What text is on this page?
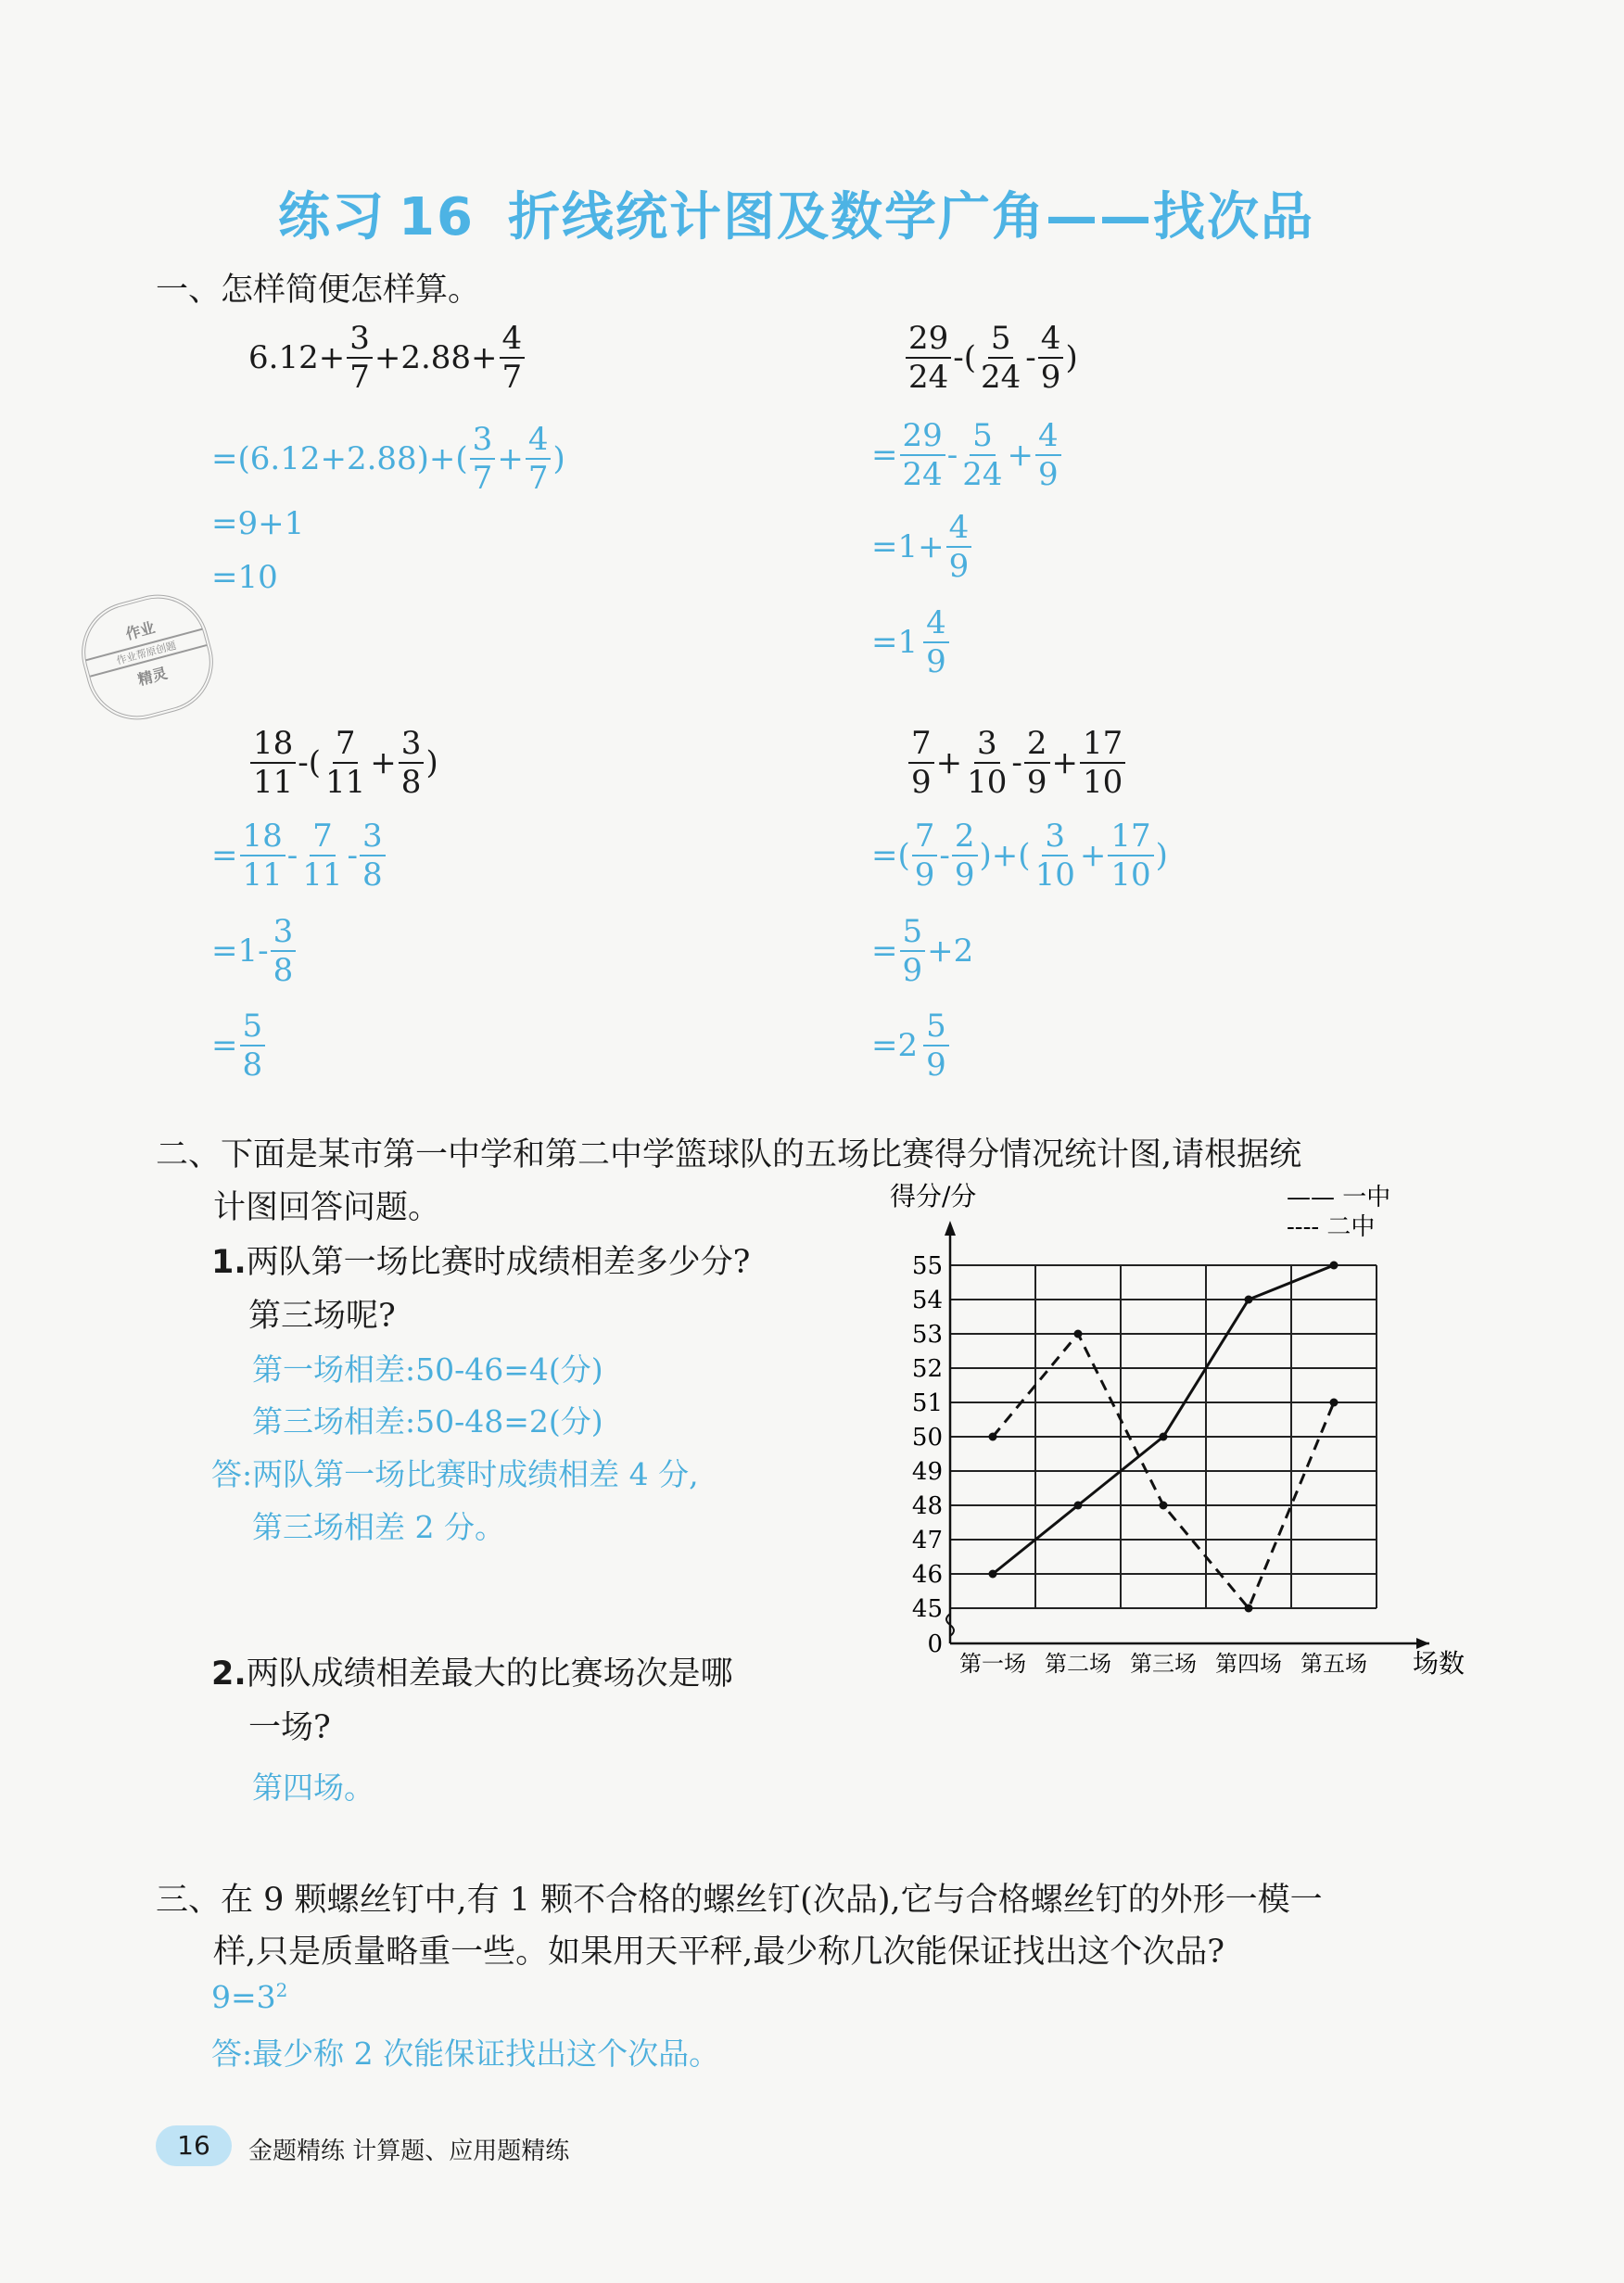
练习 16 折线统计图及数学广角——找次品
一、怎样简便怎样算。
$6.12+ \frac{3}{7} +2.88+ \frac{4}{7}$
$=(6.12+2.88)+( \frac{3}{7} + \frac{4}{7}$ )
=9+1
=10
$\frac{29}{24}$ -( $\frac{5}{24} - \frac{4}{9}$ )
= $\frac{29}{24} - \frac{5}{24} + \frac{4}{9}$
$=1+ \frac{4}{9}$
$=1 \frac{4}{9}$
作业
作业帮原创题
精灵
$\frac{18}{11}$ -( $\frac{7}{11} + \frac{3}{8}$ )
= $\frac{18}{11} - \frac{7}{11} - \frac{3}{8}$
$=1- \frac{3}{8}$
= $\frac{5}{8}$
$\frac{7}{9} + \frac{3}{10} - \frac{2}{9} + \frac{17}{10}$
=( $\frac{7}{9} - \frac{2}{9}$ )+( $\frac{3}{10} + \frac{17}{10}$ )
= $\frac{5}{9} +2$
$=2 \frac{5}{9}$
二、下面是某市第一中学和第二中学篮球队的五场比赛得分情况统计图,请根据统
计图回答问题。
1.两队第一场比赛时成绩相差多少分?
第三场呢?
第一场相差:50-46=4(分)
第三场相差:50-48=2(分)
答:两队第一场比赛时成绩相差 4 分,
第三场相差 2 分。
2.两队成绩相差最大的比赛场次是哪
一场?
第四场。
得分/分
场数
—— 一中
---- 二中
0
45
46
47
48
49
50
51
52
53
54
55
第一场 第二场 第三场 第四场 第五场
三、在 9 颗螺丝钉中,有 1 颗不合格的螺丝钉(次品),它与合格螺丝钉的外形一模一
样,只是质量略重一些。如果用天平秤,最少称几次能保证找出这个次品?
$9=3^2$
答:最少称 2 次能保证找出这个次品。
16	金题精练 计算题、应用题精练
